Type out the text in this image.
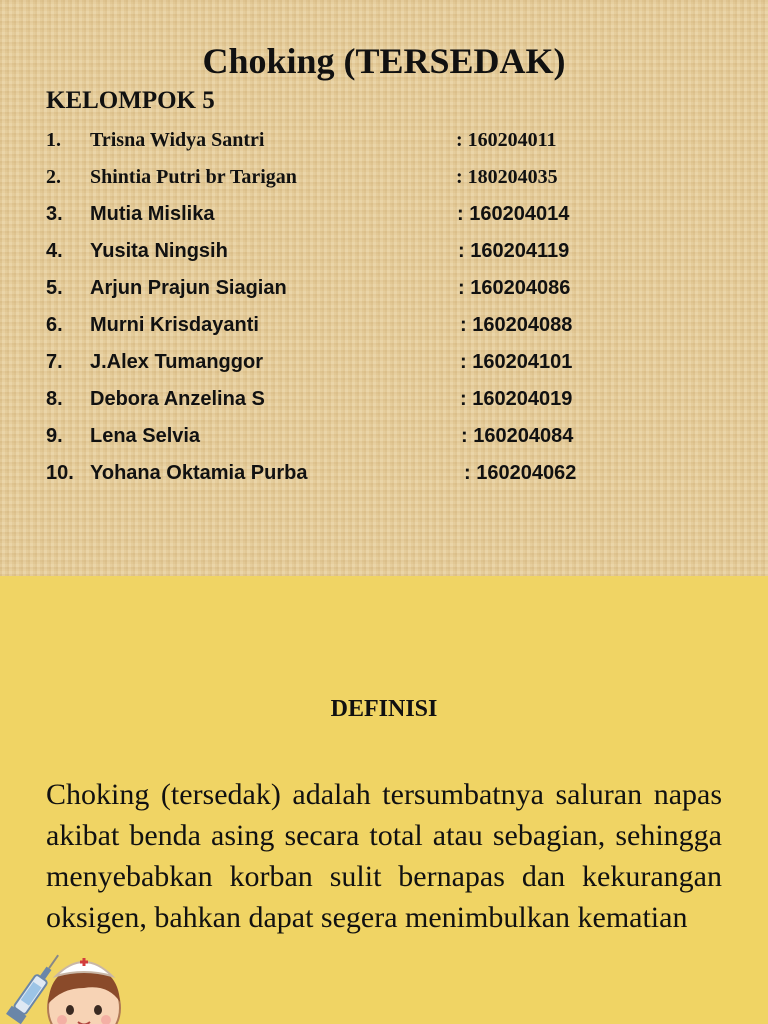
Choking (TERSEDAK)
KELOMPOK 5
1. Trisna Widya Santri	: 160204011
2. Shintia Putri br Tarigan	: 180204035
3. Mutia Mislika	: 160204014
4. Yusita Ningsih	: 160204119
5. Arjun Prajun Siagian	: 160204086
6. Murni Krisdayanti	: 160204088
7. J.Alex Tumanggor	: 160204101
8. Debora Anzelina S	: 160204019
9. Lena Selvia	: 160204084
10. Yohana Oktamia Purba	: 160204062
DEFINISI
Choking (tersedak) adalah tersumbatnya saluran napas akibat benda asing secara total atau sebagian, sehingga menyebabkan korban sulit bernapas dan kekurangan oksigen, bahkan dapat segera menimbulkan kematian
